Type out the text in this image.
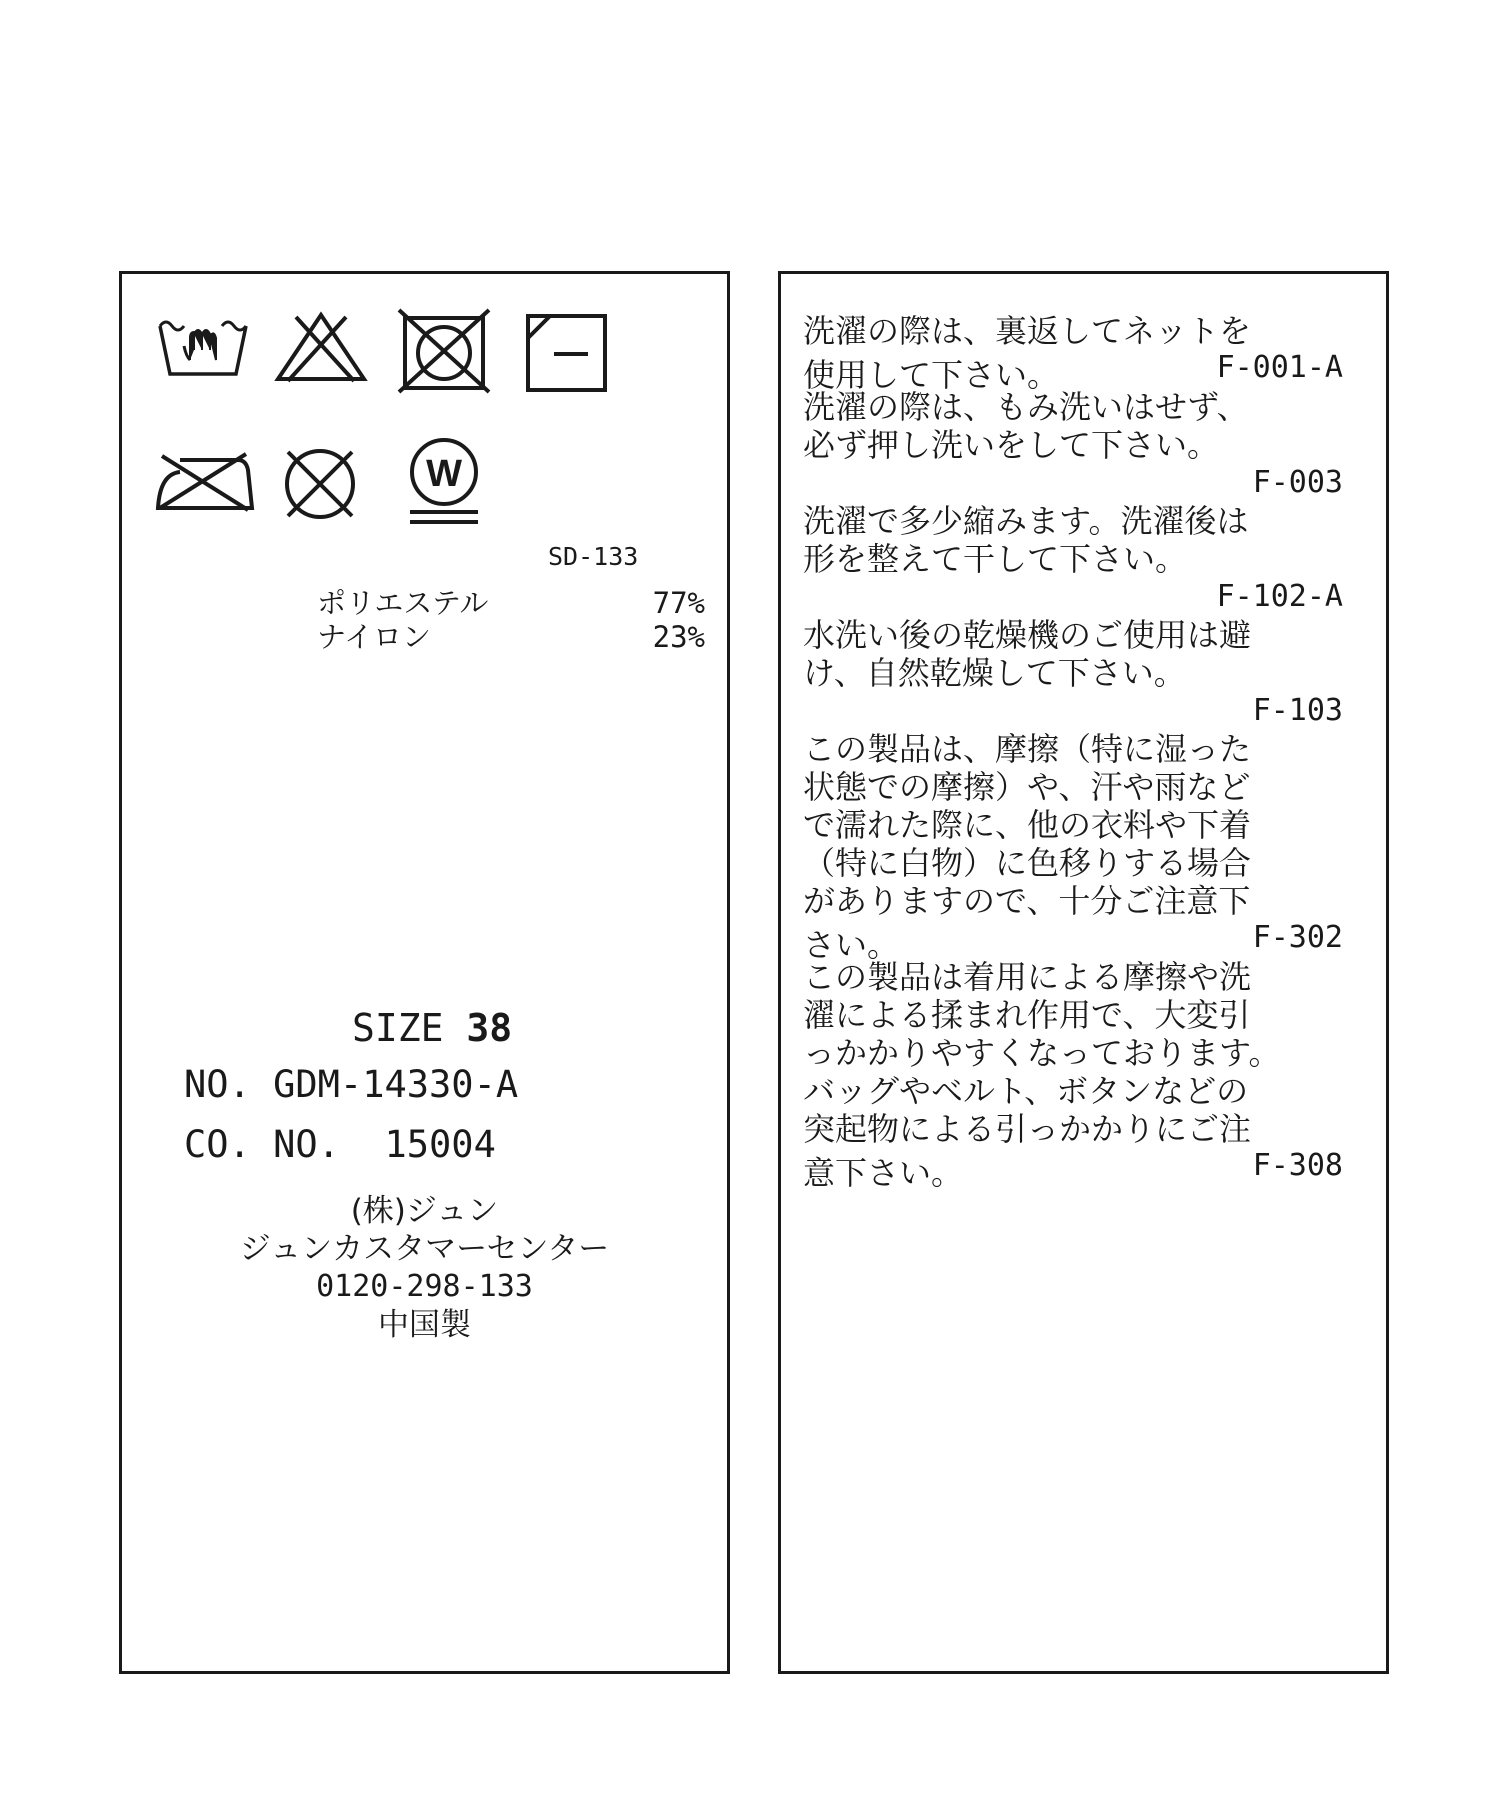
W
SD-133
ポリエステル	77%
ナイロン	23%
SIZE 38
NO. GDM-14330-A
CO. NO.  15004
(株)ジュン
ジュンカスタマーセンター
0120-298-133
中国製
洗濯の際は、裏返してネットを
使用して下さい。	F-001-A
洗濯の際は、もみ洗いはせず、
必ず押し洗いをして下さい。
F-003
洗濯で多少縮みます。洗濯後は
形を整えて干して下さい。
F-102-A
水洗い後の乾燥機のご使用は避
け、自然乾燥して下さい。
F-103
この製品は、摩擦（特に湿った
状態での摩擦）や、汗や雨など
で濡れた際に、他の衣料や下着
（特に白物）に色移りする場合
がありますので、十分ご注意下
さい。	F-302
この製品は着用による摩擦や洗
濯による揉まれ作用で、大変引
っかかりやすくなっております。
バッグやベルト、ボタンなどの
突起物による引っかかりにご注
意下さい。	F-308
